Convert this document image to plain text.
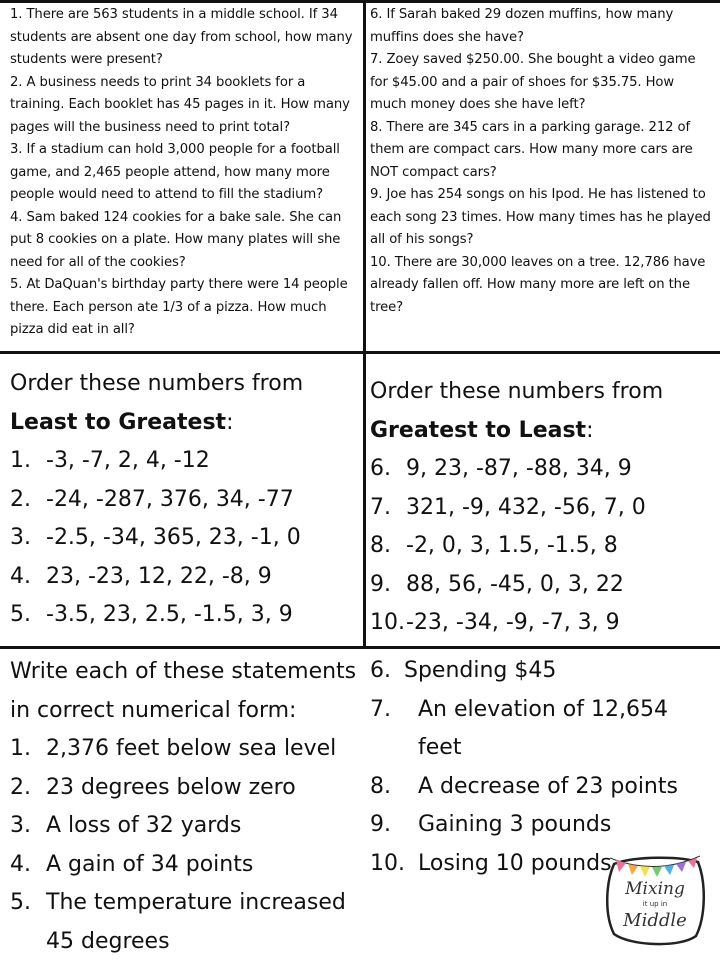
1. There are 563 students in a middle school. If 34 students are absent one day from school, how many students were present?

2. A business needs to print 34 booklets for a training. Each booklet has 45 pages in it. How many pages will the business need to print total?

3. If a stadium can hold 3,000 people for a football game, and 2,465 people attend, how many more people would need to attend to fill the stadium?

4. Sam baked 124 cookies for a bake sale. She can put 8 cookies on a plate. How many plates will she need for all of the cookies?

5. At DaQuan's birthday party there were 14 people there. Each person ate 1/3 of a pizza. How much pizza did eat in all?

6. If Sarah baked 29 dozen muffins, how many muffins does she have?

7. Zoey saved $250.00. She bought a video game for $45.00 and a pair of shoes for $35.75. How much money does she have left?

8. There are 345 cars in a parking garage. 212 of them are compact cars. How many more cars are NOT compact cars?

9. Joe has 254 songs on his Ipod. He has listened to each song 23 times. How many times has he played all of his songs?

10. There are 30,000 leaves on a tree. 12,786 have already fallen off. How many more are left on the tree?

Order these numbers from
Least to Greatest:
1. -3, -7, 2, 4, -12
2. -24, -287, 376, 34, -77
3. -2.5, -34, 365, 23, -1, 0
4. 23, -23, 12, 22, -8, 9
5. -3.5, 23, 2.5, -1.5, 3, 9
Order these numbers from
Greatest to Least:
6. 9, 23, -87, -88, 34, 9
7. 321, -9, 432, -56, 7, 0
8. -2, 0, 3, 1.5, -1.5, 8
9. 88, 56, -45, 0, 3, 22
10. -23, -34, -9, -7, 3, 9
Write each of these statements
in correct numerical form:
1. 2,376 feet below sea level
2. 23 degrees below zero
3. A loss of 32 yards
4. A gain of 34 points
5. The temperature increased
45 degrees
6. Spending $45
7.	An elevation of 12,654 feet
8.	A decrease of 23 points
9.	Gaining 3 pounds
10. Losing 10 pounds
Mixing
it up in
Middle
